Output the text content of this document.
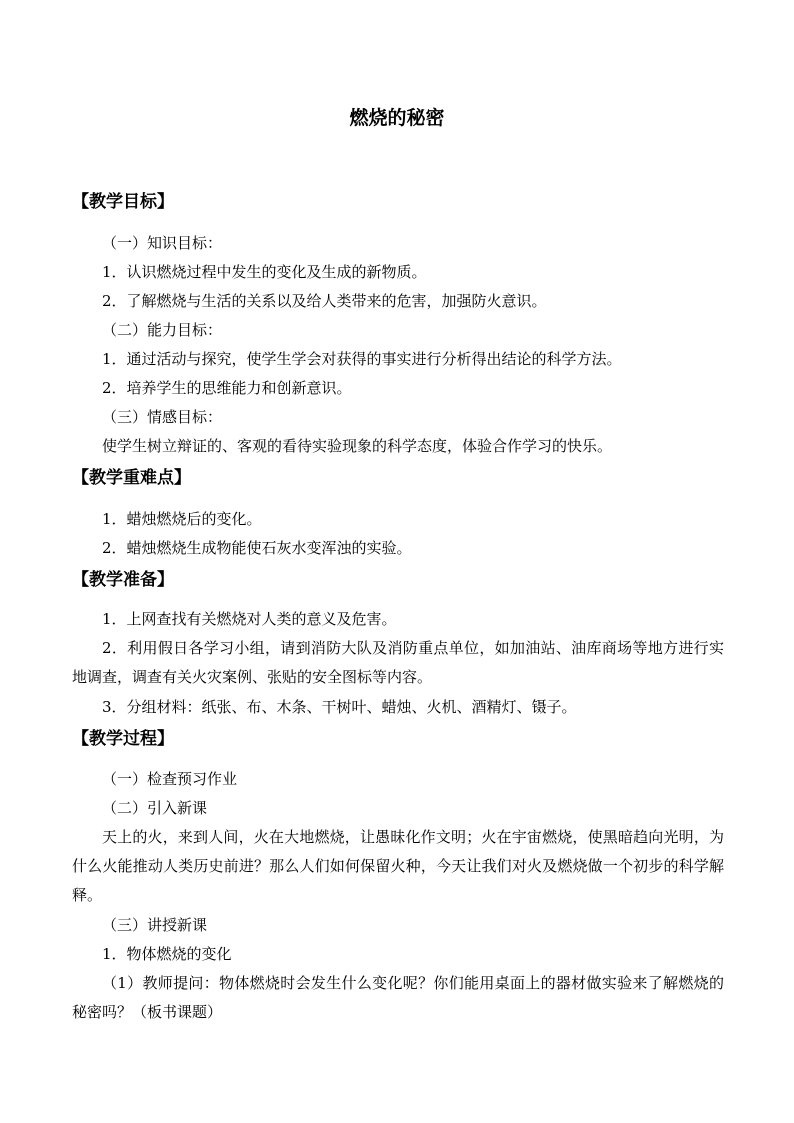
燃烧的秘密
【教学目标】
（一）知识目标：
1．认识燃烧过程中发生的变化及生成的新物质。
2．了解燃烧与生活的关系以及给人类带来的危害，加强防火意识。
（二）能力目标：
1．通过活动与探究，使学生学会对获得的事实进行分析得出结论的科学方法。
2．培养学生的思维能力和创新意识。
（三）情感目标：
使学生树立辩证的、客观的看待实验现象的科学态度，体验合作学习的快乐。
【教学重难点】
1．蜡烛燃烧后的变化。
2．蜡烛燃烧生成物能使石灰水变浑浊的实验。
【教学准备】
1．上网查找有关燃烧对人类的意义及危害。
2．利用假日各学习小组，请到消防大队及消防重点单位，如加油站、油库商场等地方进行实地调查，调查有关火灾案例、张贴的安全图标等内容。
3．分组材料：纸张、布、木条、干树叶、蜡烛、火机、酒精灯、镊子。
【教学过程】
（一）检查预习作业
（二）引入新课
天上的火，来到人间，火在大地燃烧，让愚昧化作文明；火在宇宙燃烧，使黑暗趋向光明，为什么火能推动人类历史前进？那么人们如何保留火种，今天让我们对火及燃烧做一个初步的科学解释。
（三）讲授新课
1．物体燃烧的变化
（1）教师提问：物体燃烧时会发生什么变化呢？你们能用桌面上的器材做实验来了解燃烧的秘密吗？（板书课题）
